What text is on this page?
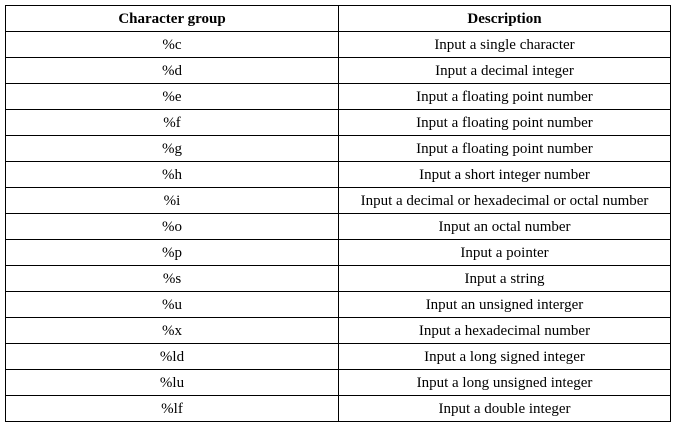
Character group	Description
%c	Input a single character
%d	Input a decimal integer
%e	Input a floating point number
%f	Input a floating point number
%g	Input a floating point number
%h	Input a short integer number
%i	Input a decimal or hexadecimal or octal number
%o	Input an octal number
%p	Input a pointer
%s	Input a string
%u	Input an unsigned interger
%x	Input a hexadecimal number
%ld	Input a long signed integer
%lu	Input a long unsigned integer
%lf	Input a double integer
